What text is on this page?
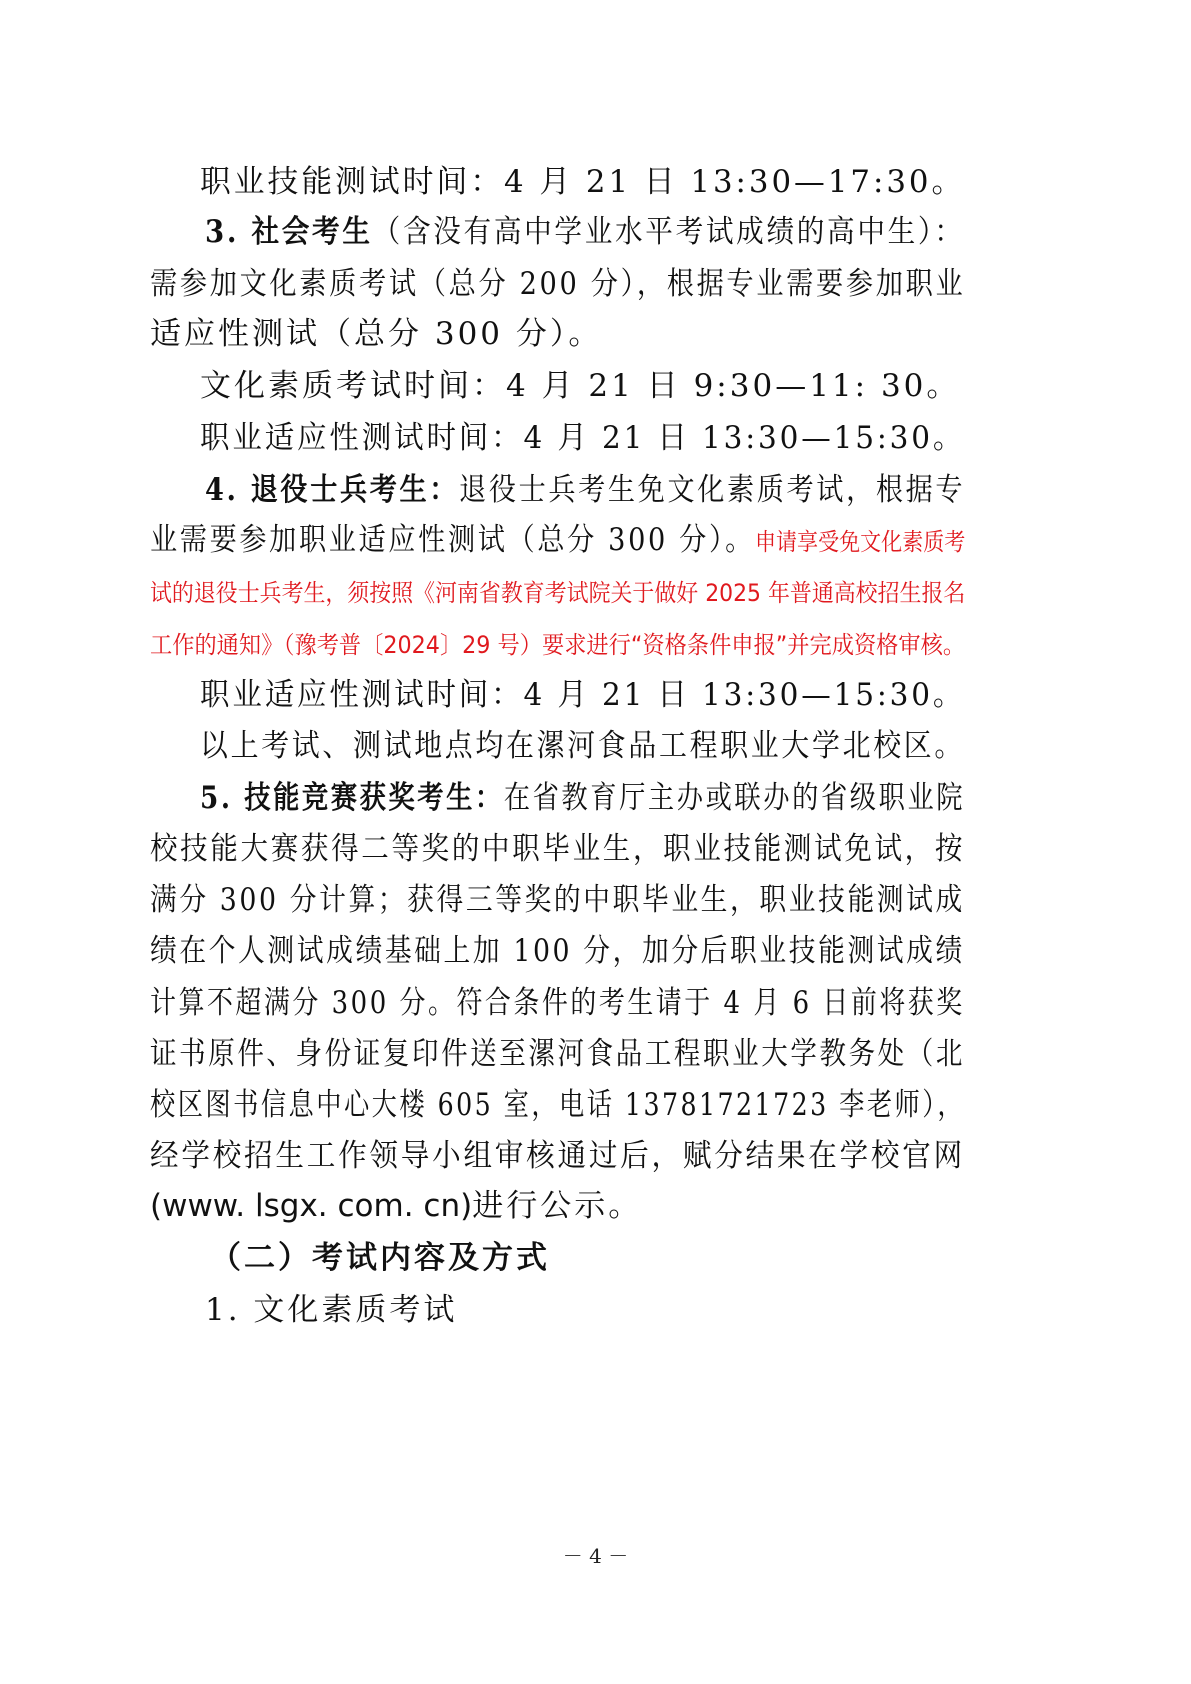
职业技能测试时间：4 月 21 日 13:30—17:30。
3. 社会考生（含没有高中学业水平考试成绩的高中生）：
需参加文化素质考试（总分 200 分），根据专业需要参加职业
适应性测试（总分 300 分）。
文化素质考试时间：4 月 21 日 9:30—11: 30。
职业适应性测试时间：4 月 21 日 13:30—15:30。
4. 退役士兵考生：退役士兵考生免文化素质考试，根据专
业需要参加职业适应性测试（总分 300 分）。申请享受免文化素质考
试的退役士兵考生，须按照《河南省教育考试院关于做好 2025 年普通高校招生报名
工作的通知》（豫考普〔2024〕29 号）要求进行“资格条件申报”并完成资格审核。
职业适应性测试时间：4 月 21 日 13:30—15:30。
以上考试、测试地点均在漯河食品工程职业大学北校区。
5. 技能竞赛获奖考生：在省教育厅主办或联办的省级职业院
校技能大赛获得二等奖的中职毕业生，职业技能测试免试，按
满分 300 分计算；获得三等奖的中职毕业生，职业技能测试成
绩在个人测试成绩基础上加 100 分，加分后职业技能测试成绩
计算不超满分 300 分。符合条件的考生请于 4 月 6 日前将获奖
证书原件、身份证复印件送至漯河食品工程职业大学教务处（北
校区图书信息中心大楼 605 室，电话 13781721723 李老师），
经学校招生工作领导小组审核通过后，赋分结果在学校官网
(www. lsgx. com. cn)进行公示。
（二）考试内容及方式
1. 文化素质考试
－ 4 －
